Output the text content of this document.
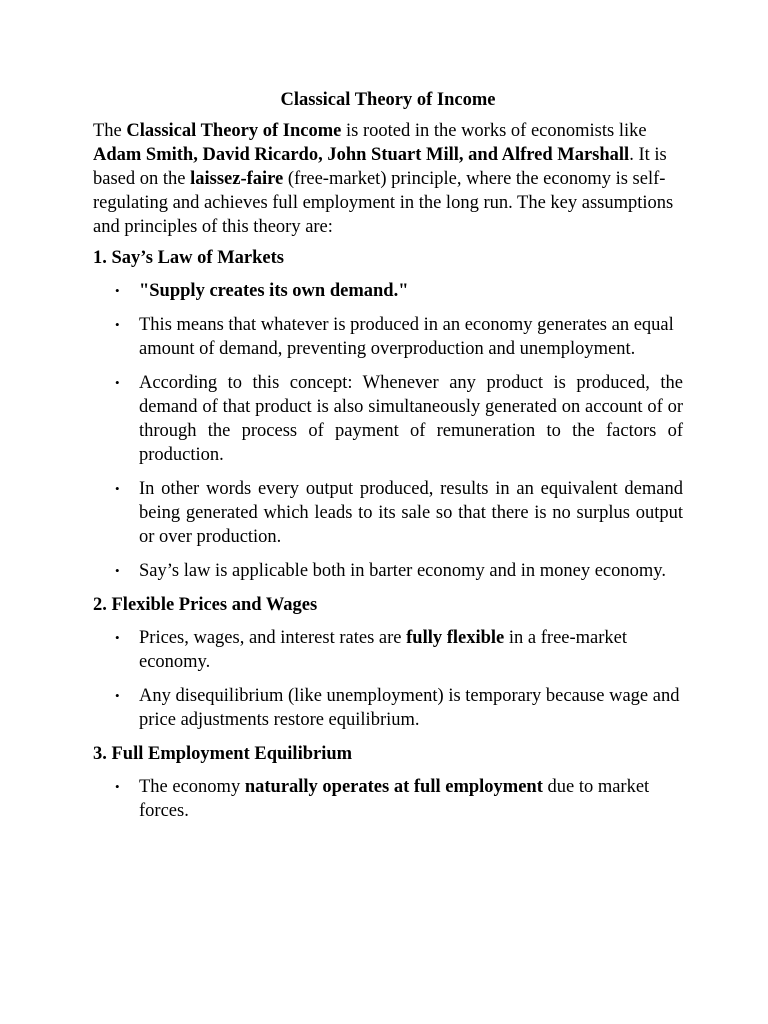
Classical Theory of Income

The Classical Theory of Income is rooted in the works of economists like Adam Smith, David Ricardo, John Stuart Mill, and Alfred Marshall. It is based on the laissez-faire (free-market) principle, where the economy is self-regulating and achieves full employment in the long run. The key assumptions and principles of this theory are:

1. Say’s Law of Markets
• "Supply creates its own demand."
• This means that whatever is produced in an economy generates an equal amount of demand, preventing overproduction and unemployment.
• According to this concept: Whenever any product is produced, the demand of that product is also simultaneously generated on account of or through the process of payment of remuneration to the factors of production.
• In other words every output produced, results in an equivalent demand being generated which leads to its sale so that there is no surplus output or over production.
• Say’s law is applicable both in barter economy and in money economy.
2. Flexible Prices and Wages
• Prices, wages, and interest rates are fully flexible in a free-market economy.
• Any disequilibrium (like unemployment) is temporary because wage and price adjustments restore equilibrium.
3. Full Employment Equilibrium
• The economy naturally operates at full employment due to market forces.
